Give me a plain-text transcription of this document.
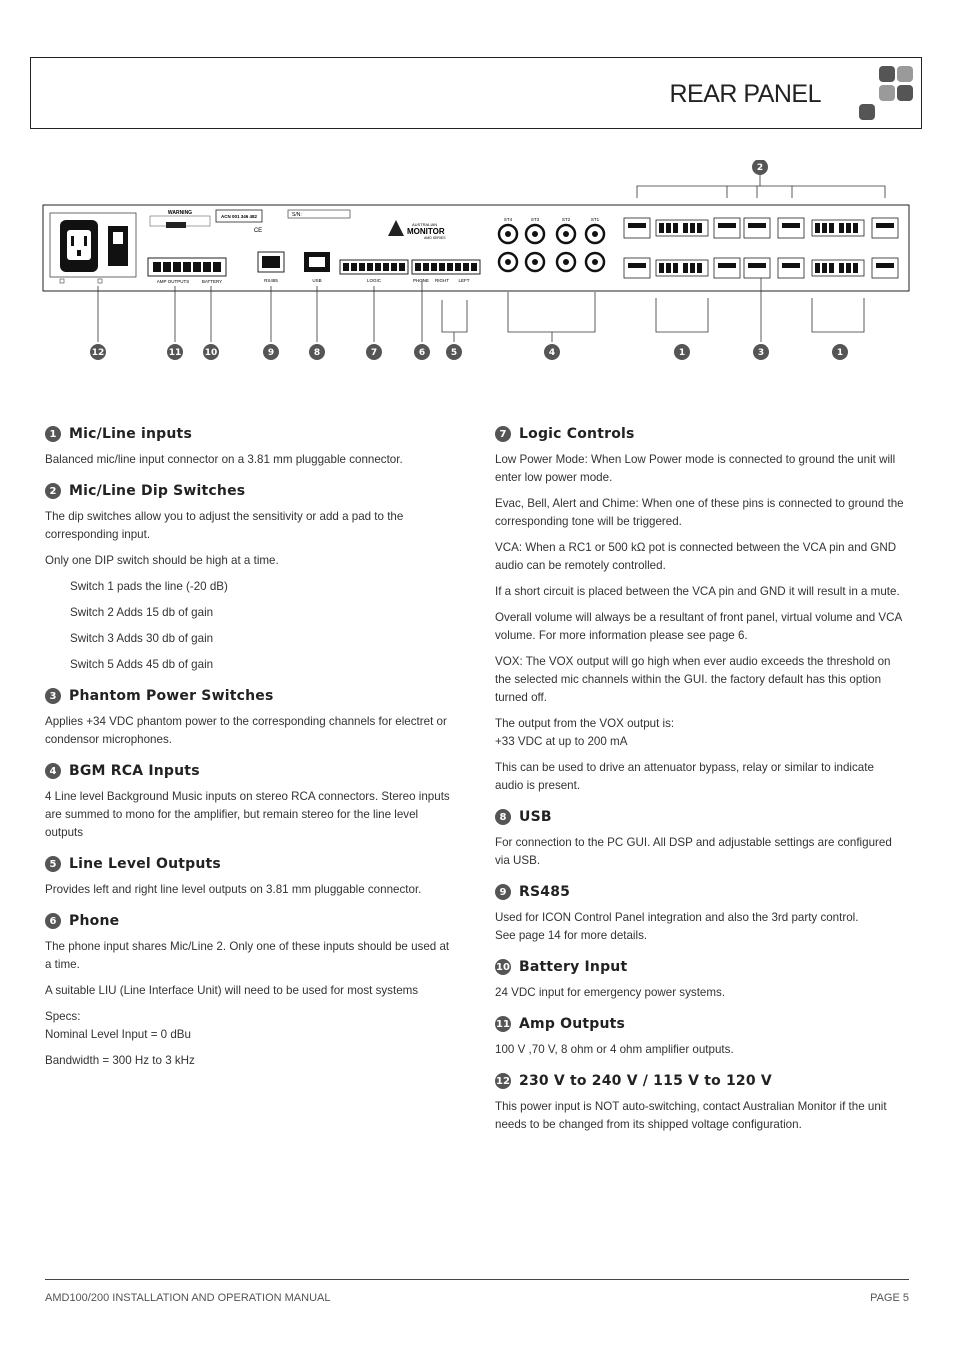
REAR PANEL
WARNING
AMP OUTPUTS	BATTERY
ACN 001 346 482
CE
S/N:
RS485	USB
AUSTRALIAN
MONITOR
AMD SERIES
LOGIC	PHONE RIGHT LEFT
ST4	ST3	ST2	ST1
12	11	10	9	8	7	6	5	4	1	3	1
2
1 Mic/Line inputs

Balanced mic/line input connector on a 3.81 mm pluggable connector.

2 Mic/Line Dip Switches

The dip switches allow you to adjust the sensitivity or add a pad to the corresponding input.

Only one DIP switch should be high at a time.

Switch 1 pads the line (-20 dB)

Switch 2 Adds 15 db of gain

Switch 3 Adds 30 db of gain

Switch 5 Adds 45 db of gain

3 Phantom Power Switches

Applies +34 VDC phantom power to the corresponding channels for electret or condensor microphones.

4 BGM RCA Inputs

4 Line level Background Music inputs on stereo RCA connectors. Stereo inputs are summed to mono for the amplifier, but remain stereo for the line level outputs

5 Line Level Outputs

Provides left and right line level outputs on 3.81 mm pluggable connector.

6 Phone

The phone input shares Mic/Line 2. Only one of these inputs should be used at a time.

A suitable LIU (Line Interface Unit) will need to be used for most systems

Specs:
Nominal Level Input = 0 dBu

Bandwidth = 300 Hz to 3 kHz

7 Logic Controls

Low Power Mode: When Low Power mode is connected to ground the unit will enter low power mode.

Evac, Bell, Alert and Chime: When one of these pins is connected to ground the corresponding tone will be triggered.

VCA: When a RC1 or 500 kΩ pot is connected between the VCA pin and GND audio can be remotely controlled.

If a short circuit is placed between the VCA pin and GND it will result in a mute.

Overall volume will always be a resultant of front panel, virtual volume and VCA volume. For more information please see page 6.

VOX: The VOX output will go high when ever audio exceeds the threshold on the selected mic channels within the GUI. the factory default has this option turned off.

The output from the VOX output is:
+33 VDC at up to 200 mA

This can be used to drive an attenuator bypass, relay or similar to indicate audio is present.

8 USB

For connection to the PC GUI. All DSP and adjustable settings are configured via USB.

9 RS485

Used for ICON Control Panel integration and also the 3rd party control.
See page 14 for more details.

10 Battery Input

24 VDC input for emergency power systems.

11 Amp Outputs

100 V ,70 V, 8 ohm or 4 ohm amplifier outputs.

12 230 V to 240 V / 115 V to 120 V

This power input is NOT auto-switching, contact Australian Monitor if the unit needs to be changed from its shipped voltage configuration.

AMD100/200 INSTALLATION AND OPERATION MANUAL	PAGE 5
